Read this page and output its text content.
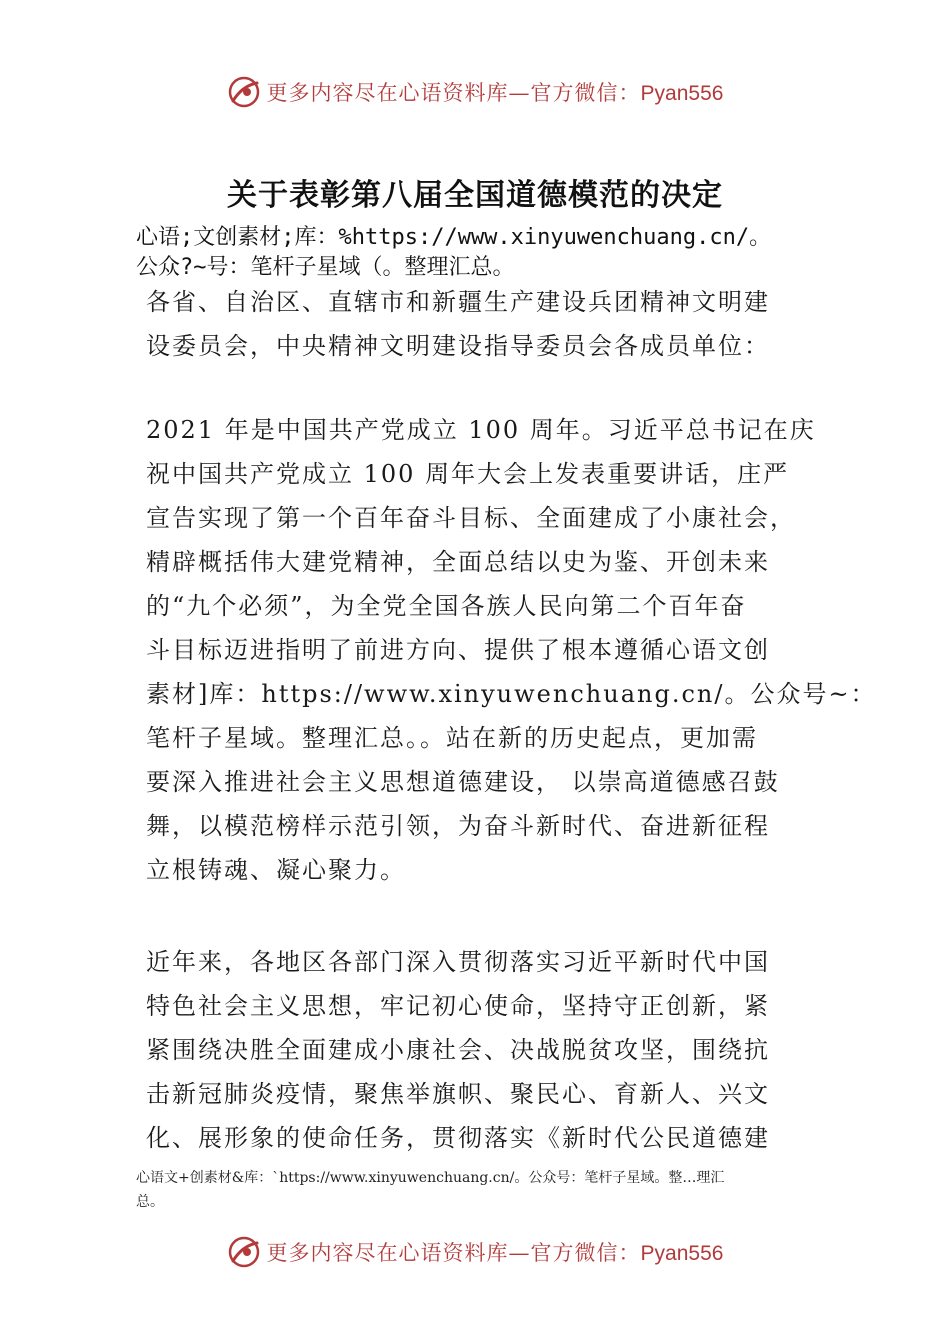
更多内容尽在心语资料库—官方微信：Pyan556
关于表彰第八届全国道德模范的决定
心语;文创素材;库：%https://www.xinyuwenchuang.cn/。
公众?~号：笔杆子星域（。整理汇总。
各省、自治区、直辖市和新疆生产建设兵团精神文明建
设委员会，中央精神文明建设指导委员会各成员单位：
2021 年是中国共产党成立 100 周年。习近平总书记在庆
祝中国共产党成立 100 周年大会上发表重要讲话，庄严
宣告实现了第一个百年奋斗目标、全面建成了小康社会，
精辟概括伟大建党精神，全面总结以史为鉴、开创未来
的“九个必须”，为全党全国各族人民向第二个百年奋
斗目标迈进指明了前进方向、提供了根本遵循心语文创
素材]库：https://www.xinyuwenchuang.cn/。公众号~：
笔杆子星域。整理汇总。。站在新的历史起点，更加需
要深入推进社会主义思想道德建设， 以崇高道德感召鼓
舞，以模范榜样示范引领，为奋斗新时代、奋进新征程
立根铸魂、凝心聚力。
近年来，各地区各部门深入贯彻落实习近平新时代中国
特色社会主义思想，牢记初心使命，坚持守正创新，紧
紧围绕决胜全面建成小康社会、决战脱贫攻坚，围绕抗
击新冠肺炎疫情，聚焦举旗帜、聚民心、育新人、兴文
化、展形象的使命任务，贯彻落实《新时代公民道德建
心语文+创素材&库：`https://www.xinyuwenchuang.cn/。公众号：笔杆子星域。整…理汇
总。
更多内容尽在心语资料库—官方微信：Pyan556
